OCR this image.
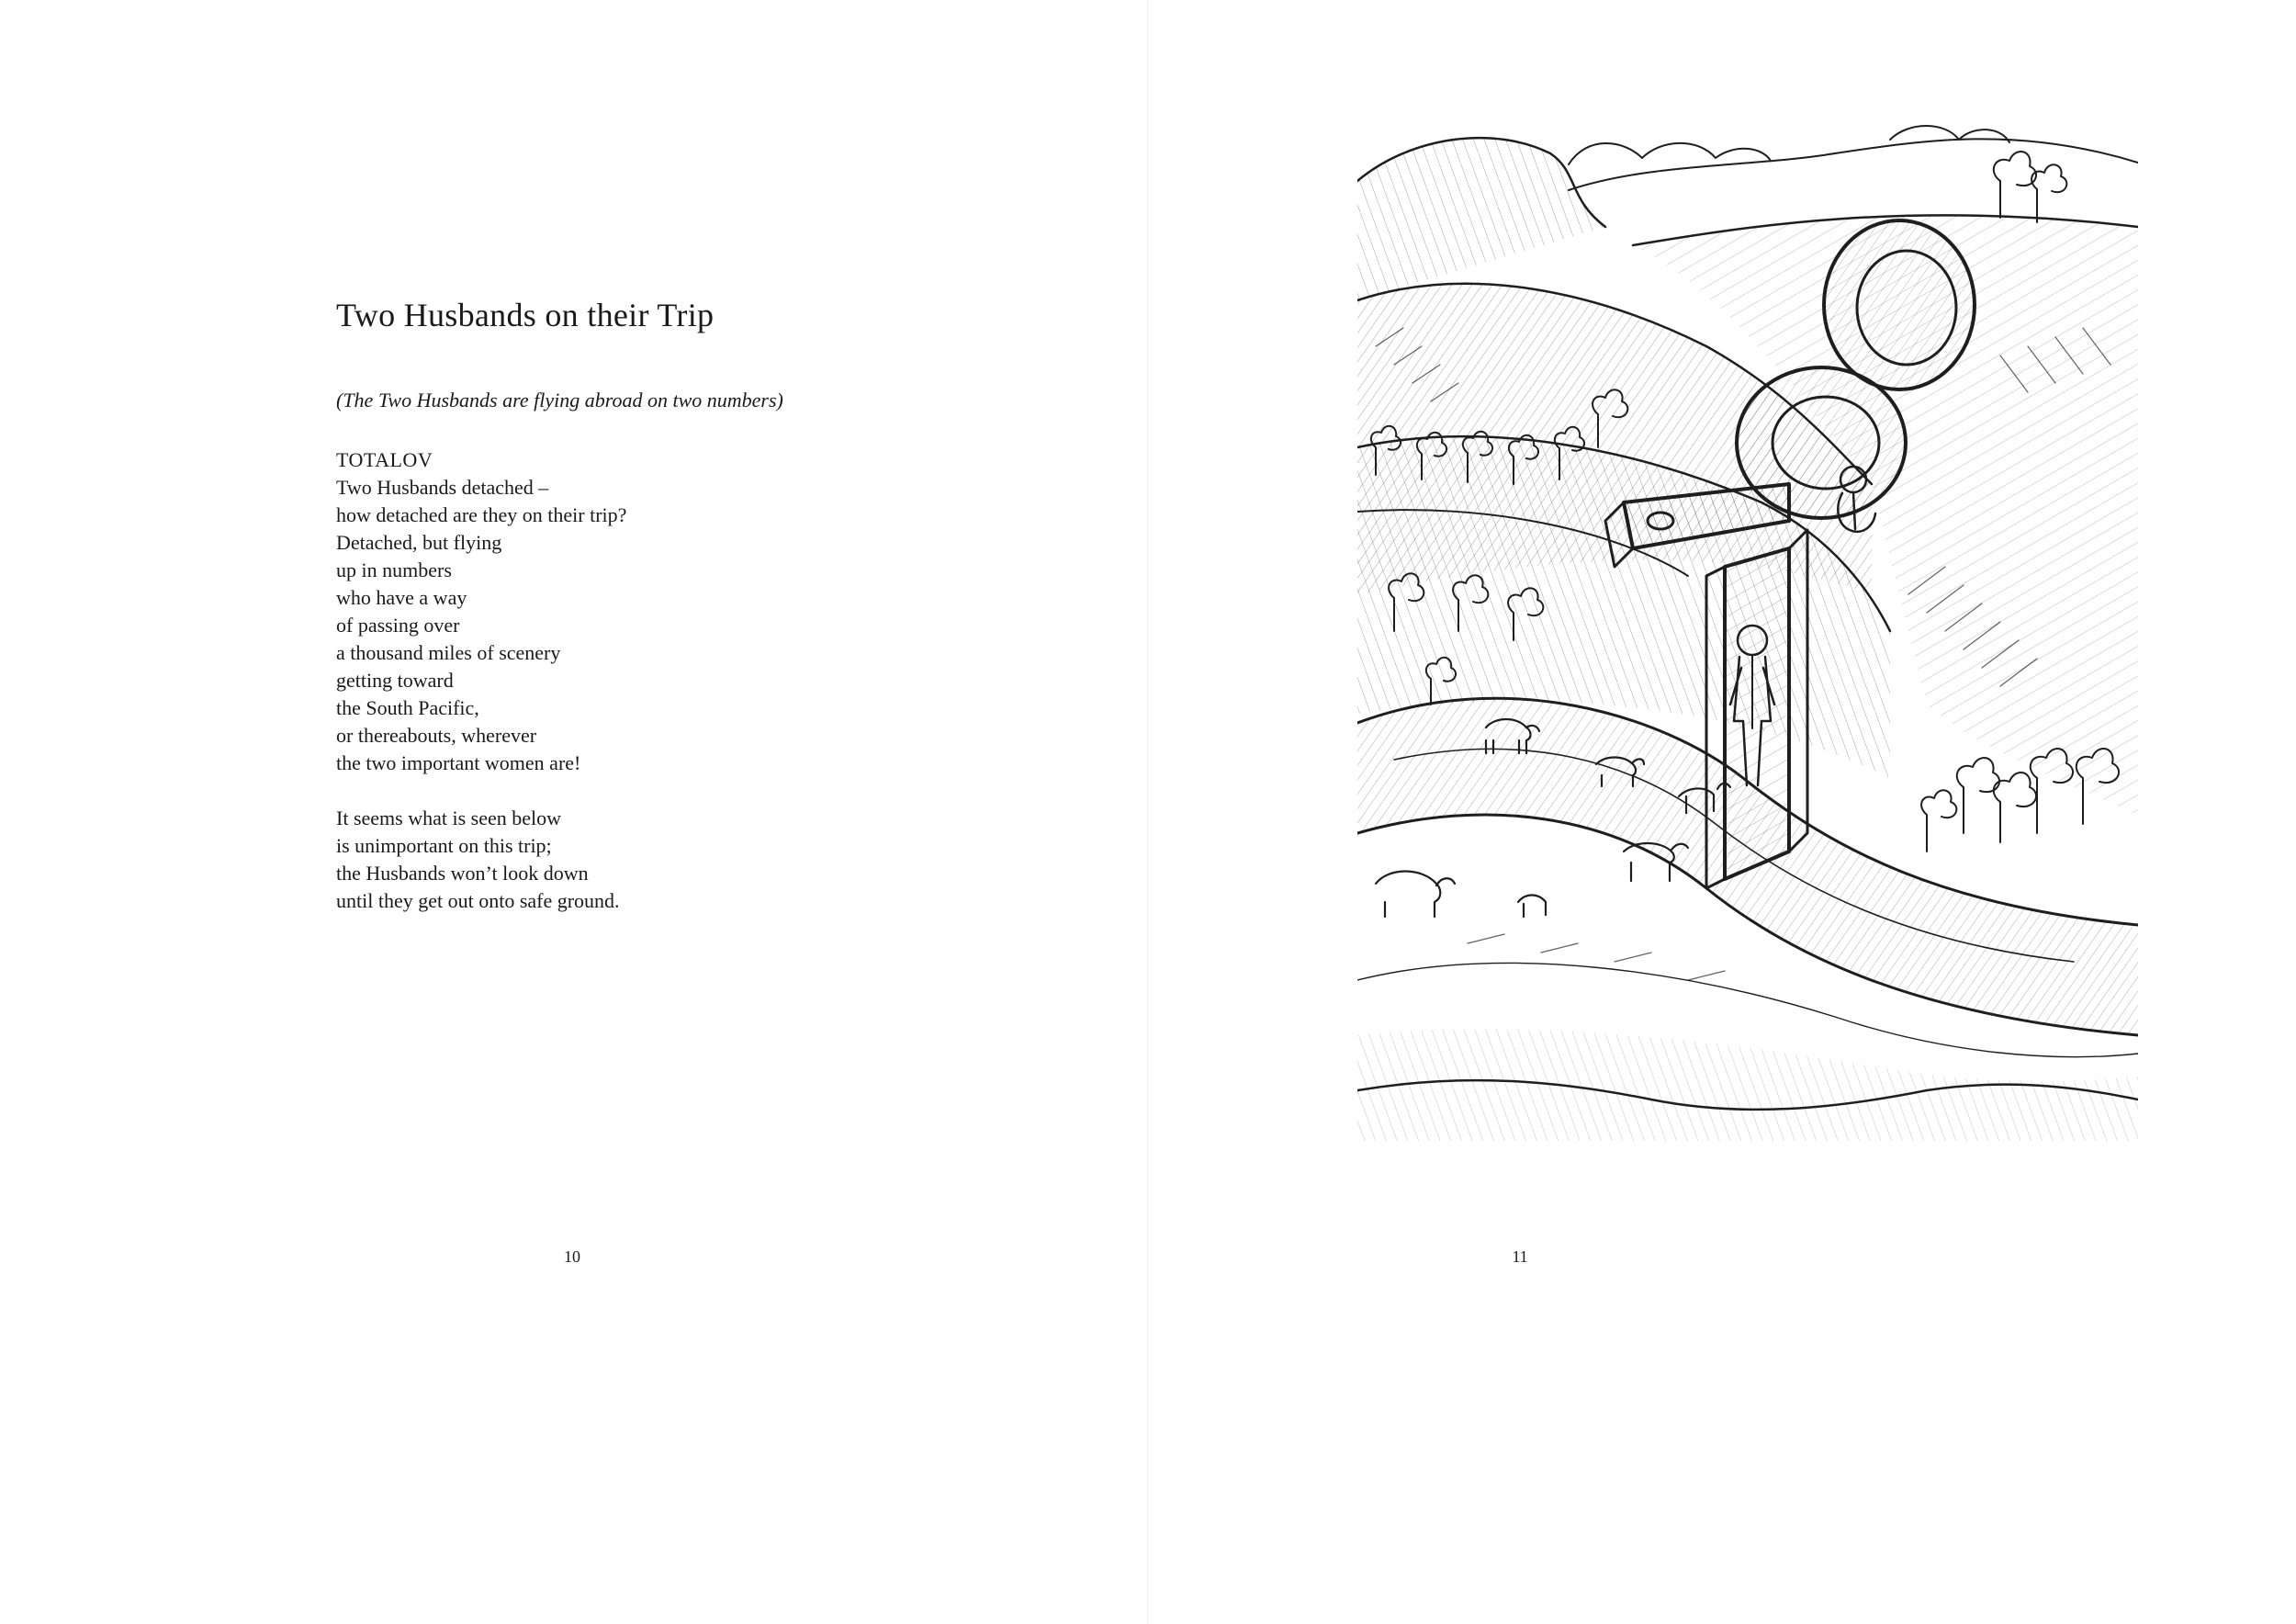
Two Husbands on their Trip

(The Two Husbands are flying abroad on two numbers)

TOTALOV

Two Husbands detached –
how detached are they on their trip?
Detached, but flying
up in numbers
who have a way
of passing over
a thousand miles of scenery
getting toward
the South Pacific,
or thereabouts, wherever
the two important women are!

It seems what is seen below
is unimportant on this trip;
the Husbands won’t look down
until they get out onto safe ground.

10	11
